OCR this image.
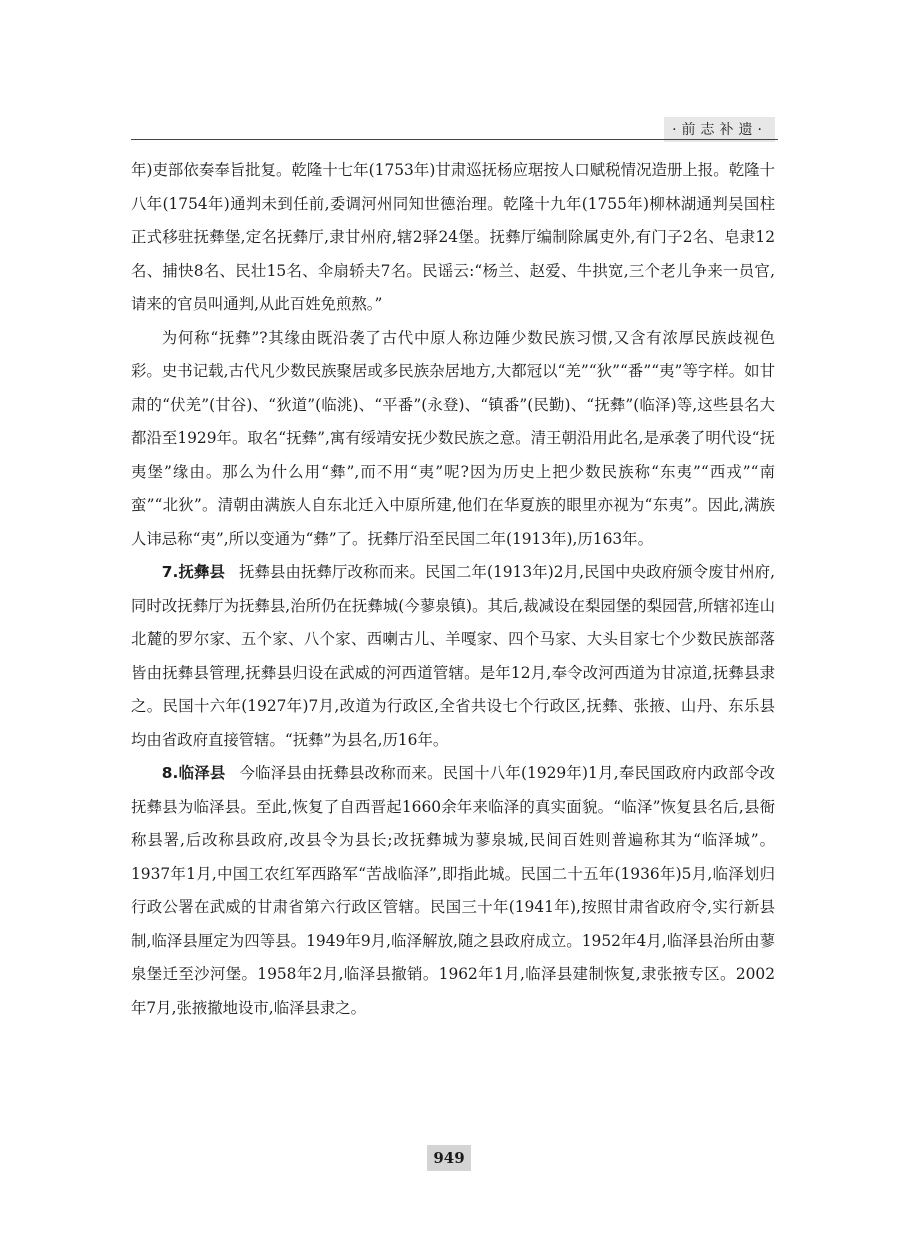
·前志补遗·

年)吏部依奏奉旨批复。乾隆十七年(1753年)甘肃巡抚杨应琚按人口赋税情况造册上报。乾隆十八年(1754年)通判未到任前,委调河州同知世德治理。乾隆十九年(1755年)柳林湖通判吴国柱正式移驻抚彝堡,定名抚彝厅,隶甘州府,辖2驿24堡。抚彝厅编制除属吏外,有门子2名、皂隶12名、捕快8名、民壮15名、伞扇轿夫7名。民谣云:“杨兰、赵爱、牛拱宽,三个老儿争来一员官,请来的官员叫通判,从此百姓免煎熬。”

为何称“抚彝”?其缘由既沿袭了古代中原人称边陲少数民族习惯,又含有浓厚民族歧视色彩。史书记载,古代凡少数民族聚居或多民族杂居地方,大都冠以“羌”“狄”“番”“夷”等字样。如甘肃的“伏羌”(甘谷)、“狄道”(临洮)、“平番”(永登)、“镇番”(民勤)、“抚彝”(临泽)等,这些县名大都沿至1929年。取名“抚彝”,寓有绥靖安抚少数民族之意。清王朝沿用此名,是承袭了明代设“抚夷堡”缘由。那么为什么用“彝”,而不用“夷”呢?因为历史上把少数民族称“东夷”“西戎”“南蛮”“北狄”。清朝由满族人自东北迁入中原所建,他们在华夏族的眼里亦视为“东夷”。因此,满族人讳忌称“夷”,所以变通为“彝”了。抚彝厅沿至民国二年(1913年),历163年。

7.抚彝县 抚彝县由抚彝厅改称而来。民国二年(1913年)2月,民国中央政府颁令废甘州府,同时改抚彝厅为抚彝县,治所仍在抚彝城(今蓼泉镇)。其后,裁减设在梨园堡的梨园营,所辖祁连山北麓的罗尔家、五个家、八个家、西喇古儿、羊嘎家、四个马家、大头目家七个少数民族部落皆由抚彝县管理,抚彝县归设在武威的河西道管辖。是年12月,奉令改河西道为甘凉道,抚彝县隶之。民国十六年(1927年)7月,改道为行政区,全省共设七个行政区,抚彝、张掖、山丹、东乐县均由省政府直接管辖。“抚彝”为县名,历16年。

8.临泽县 今临泽县由抚彝县改称而来。民国十八年(1929年)1月,奉民国政府内政部令改抚彝县为临泽县。至此,恢复了自西晋起1660余年来临泽的真实面貌。“临泽”恢复县名后,县衙称县署,后改称县政府,改县令为县长;改抚彝城为蓼泉城,民间百姓则普遍称其为“临泽城”。1937年1月,中国工农红军西路军“苦战临泽”,即指此城。民国二十五年(1936年)5月,临泽划归行政公署在武威的甘肃省第六行政区管辖。民国三十年(1941年),按照甘肃省政府令,实行新县制,临泽县厘定为四等县。1949年9月,临泽解放,随之县政府成立。1952年4月,临泽县治所由蓼泉堡迁至沙河堡。1958年2月,临泽县撤销。1962年1月,临泽县建制恢复,隶张掖专区。2002年7月,张掖撤地设市,临泽县隶之。

949
